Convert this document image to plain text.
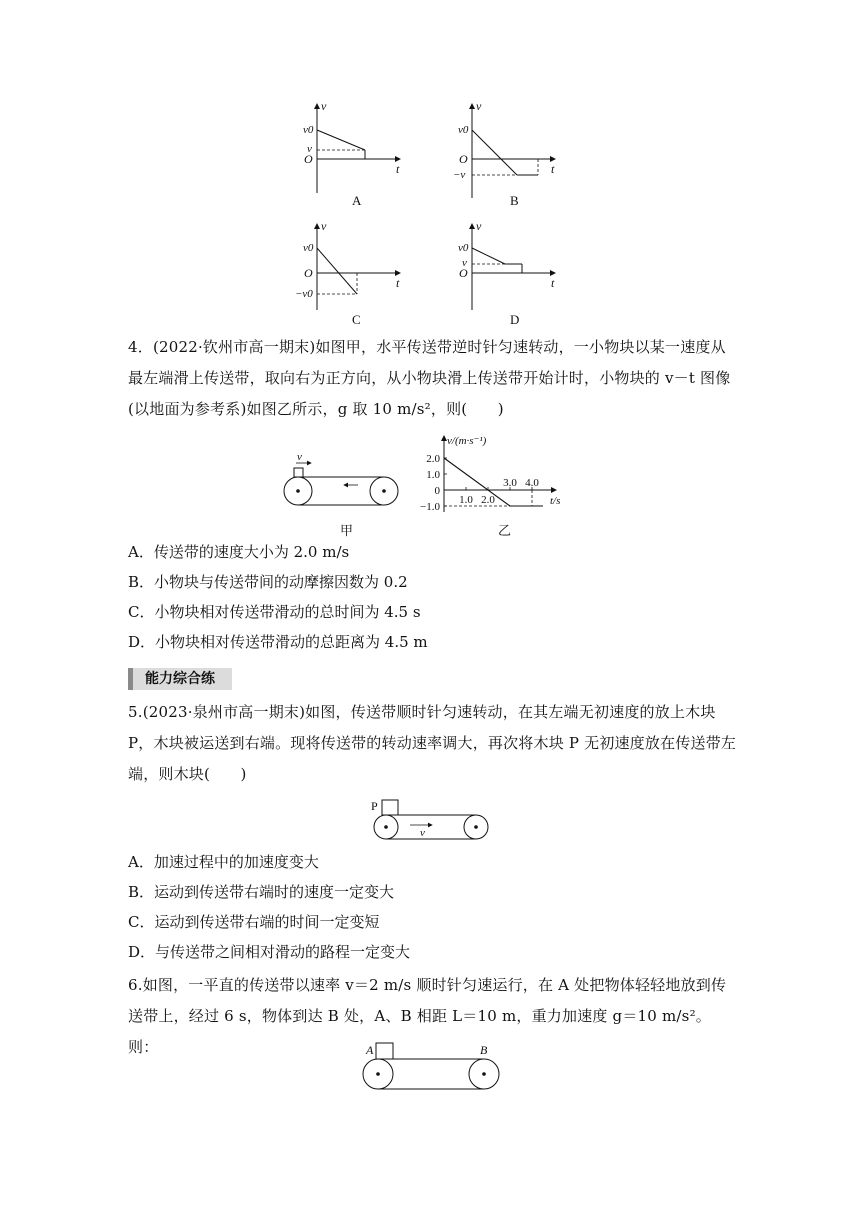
v
t
O
v0
v
A
v
t
O
v0
−v
B
v
t
O
v0
−v0
C
v
t
O
v0
v
D
4．(2022·钦州市高一期末)如图甲，水平传送带逆时针匀速转动，一小物块以某一速度从最左端滑上传送带，取向右为正方向，从小物块滑上传送带开始计时，小物块的 v－t 图像(以地面为参考系)如图乙所示，g 取 10 m/s²，则(　　)
v
甲
2.0
1.0
0
−1.0
1.0 2.0
3.0 4.0
t/s
v/(m·s⁻¹)
乙
A．传送带的速度大小为 2.0 m/s
B．小物块与传送带间的动摩擦因数为 0.2
C．小物块相对传送带滑动的总时间为 4.5 s
D．小物块相对传送带滑动的总距离为 4.5 m
能力综合练
5.(2023·泉州市高一期末)如图，传送带顺时针匀速转动，在其左端无初速度的放上木块 P，木块被运送到右端。现将传送带的转动速率调大，再次将木块 P 无初速度放在传送带左端，则木块(　　)
P
v
A．加速过程中的加速度变大
B．运动到传送带右端时的速度一定变大
C．运动到传送带右端的时间一定变短
D．与传送带之间相对滑动的路程一定变大
6.如图，一平直的传送带以速率 v＝2 m/s 顺时针匀速运行，在 A 处把物体轻轻地放到传送带上，经过 6 s，物体到达 B 处，A、B 相距 L＝10 m，重力加速度 g＝10 m/s²。则：	A	B
